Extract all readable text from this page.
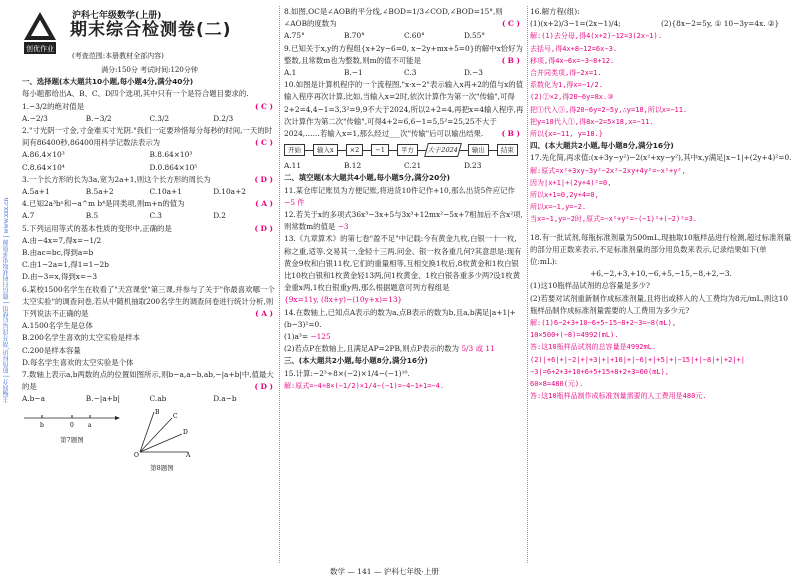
主编简介 | 防伪标识,刮开涂层后使用 | 微信扫码获取更多资源 | www.xxx.cn
创优作业
沪科七年级数学(上册)
期末综合检测卷(二)
(考查范围:本册教材全部内容)
满分:150分 考试时间:120分钟
一、选择题(本大题共10小题,每小题4分,满分40分)
每小题都给出A、B、C、D四个选项,其中只有一个是符合题目要求的.
( C )
1.−3/2的绝对值是
A.−2/3	B.−3/2	C.3/2	D.2/3
2."寸光阴一寸金,寸金难买寸光阴."我们一定要珍惜每分每秒的时间,一天的时间有86400秒,86400用科学记数法表示为	( C )
A.86.4×10³	B.8.64×10³
C.8.64×10⁴	D.0.864×10⁵
3.一个长方形的长为3a,宽为2a+1,则这个长方形的周长为	( D )
A.5a+1	B.5a+2	C.10a+1	D.10a+2
4.已知2a³bⁿ和−a^m b⁴是同类项,则m+n的值为	( A )
A.7	B.5	C.3	D.2
5.下列运用等式的基本性质的变形中,正确的是	( D )
A.由−4x=7,得x=−1/2
B.由ac=bc,得到a=b
C.由1−2a=1,得1=1−2b
D.由−3=x,得到x=−3
6.某校1500名学生在收看了"天宫课堂"第三课,并参与了关于"你最喜欢哪一个太空实验"的调查问卷,若从中随机抽取200名学生的调查问卷进行统计分析,则下列说法不正确的是	( A )
A.1500名学生是总体
B.200名学生喜欢的太空实验是样本
C.200是样本容量
D.每名学生喜欢的太空实验是个体
7.数轴上表示a,b两数的点的位置如图所示,则b−a,a−b,ab,−|a+b|中,值最大的是	( D )
A.b−a	B.−|a+b|	C.ab	D.a−b
b	0 a
第7题图
O	A
B
C
D
第8题图
8.如图,OC是∠AOB的平分线,∠BOD=1/3∠COD,∠BOD=15°,则∠AOB的度数为	( C )
A.75°	B.70°	C.60°	D.55°
9.已知关于x,y的方程组{x+2y−6=0, x−2y+mx+5=0}的解中x恰好为整数,且常数m也为整数,则m的值不可能是	( B )
A.1	B.−1	C.3	D.−3
10.如图是计算机程序的一个流程图,"x·x−2"表示输入x再+2的值与x的值输入程序再次计算,比如,当输入x=2时,依次计算作为第一次"传输",可得2+2=4,4−1=3,3²=9,9不大于2024,所以2+2=4,再把x=4输入程序,再次计算作为第二次"传输",可得4+2=6,6−1=5,5²=25,25不大于2024,……若输入x=1,那么经过___次"传输"后可以输出结果. ( B )
开始	输入x	×2	−1	平方	大于2024	输出	结束
A.11	B.12	C.21	D.23
二、填空题(本大题共4小题,每小题5分,满分20分)
11.某仓库记账员为方便记账,将进货10件记作+10,那么出货5件应记作 −5 件
12.若关于x的多项式36x³−3x+5与3x³+12mx²−5x+7相加后不含x²项,则常数m的值是 −3
13.《九章算术》的第七卷"盈不足"中记载:今有黄金九枚,白银一十一枚,称之重,适等.交易其一,金轻十三两.问金、银一枚各重几何?其意思是:现有黄金9枚和白银11枚,它们的重量相等,互相交换1枚后,8枚黄金和1枚白银比10枚白银和1枚黄金轻13两,问1枚黄金、1枚白银各重多少两?设1枚黄金重x两,1枚白银重y两,那么根据题意可列方程组是
{9x=11y, (8x+y)−(10y+x)=13}
14.在数轴上,已知点A表示的数为a,点B表示的数为b,且a,b满足|a+1|+(b−3)²=0.
(1)a³= −125
(2)若点P在数轴上,且满足AP=2PB,则点P表示的数为 5/3 或 11
三、(本大题共2小题,每小题8分,满分16分)
15.计算:−2³÷8×(−2)×1/4−(−1)¹⁰.
解:原式=−4÷8×(−1/2)×1/4−(−1)=−4−1+1=−4.
16.解方程(组):
(1)(x+2)/3−1=(2x−1)/4;	(2){8x−2=5y, ① 10−3y=4x. ②}
解:(1)去分母,得4(x+2)−12=3(2x−1).
去括号,得4x+8−12=6x−3.
移项,得4x−6x=−3−8+12.
合并同类项,得−2x=1.
系数化为1,得x=−1/2.
(2)②×2,得20−6y=8x.③
把①代入③,得20−6y=2−5y,∴y=18,所以x=−11.
把y=18代入①,得8x−2=5×18,x=−11.
所以{x=−11, y=18.}
四、(本大题共2小题,每小题8分,满分16分)
17.先化简,再求值:(x+3y−y²)−2(x²+xy−y²),其中x,y满足|x−1|+(2y+4)²=0.
解:原式=x²+3xy−3y²−2x²−2xy+4y²=−x²+y²,
因为|x+1|+(2y+4)²=0,
所以x+1=0,2y+4=0,
所以x=−1,y=−2.
当x=−1,y=−2时,原式=−x²+y²=−(−1)²+(−2)²=3.
18.有一批试剂,每瓶标准剂量为500mL,现抽取10瓶样品进行检测,超过标准剂量的部分用正数来表示,不足标准剂量的部分用负数来表示,记录结果如下(单位:mL):
+6,−2,+3,+10,−6,+5,−15,−8,+2,−3.
(1)这10瓶样品试剂的总容量是多少?
(2)若要对试剂重新制作成标准剂量,且将出或移入的人工费均为8元/mL,则这10瓶样品制作成标准剂量需要的人工费用为多少元?
解:(1)6−2+3+10−6+5−15−8+2−3=−8(mL),
10×500+(−8)=4992(mL).
答:这10瓶样品试剂的总容量是4992mL.
(2)|+6|+|−2|+|+3|+|+10|+|−6|+|+5|+|−15|+|−8|+|+2|+|−3|=6+2+3+10+6+5+15+8+2+3=60(mL),
60×8=480(元).
答:这10瓶样品制作成标准剂量需要的人工费用是480元.
数学 — 141 — 沪科七年级·上册
